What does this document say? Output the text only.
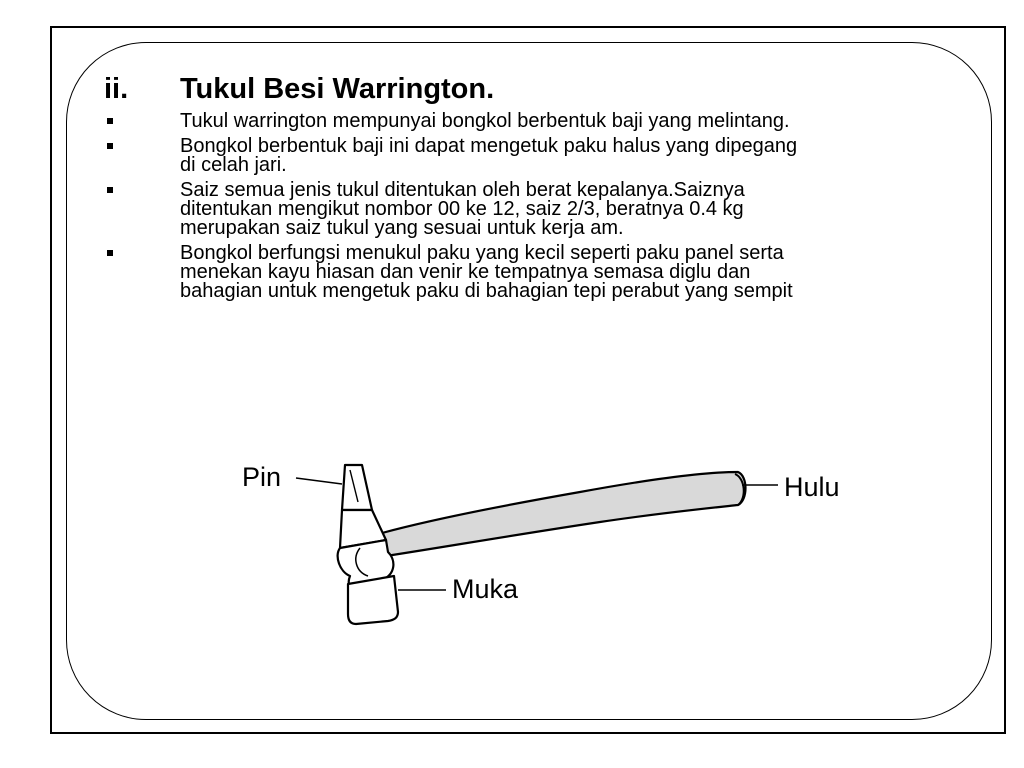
ii. Tukul Besi Warrington.
Tukul warrington mempunyai bongkol berbentuk baji yang melintang.
Bongkol berbentuk baji ini dapat mengetuk paku halus yang dipegang
di celah jari.
Saiz semua jenis tukul ditentukan oleh berat kepalanya.Saiznya
ditentukan mengikut nombor 00 ke 12, saiz 2/3, beratnya 0.4 kg
merupakan saiz tukul yang sesuai untuk kerja am.
Bongkol berfungsi menukul paku yang kecil seperti paku panel serta
menekan kayu hiasan dan venir ke tempatnya semasa diglu dan
bahagian untuk mengetuk paku di bahagian tepi perabut yang sempit
Pin	Hulu
Muka
